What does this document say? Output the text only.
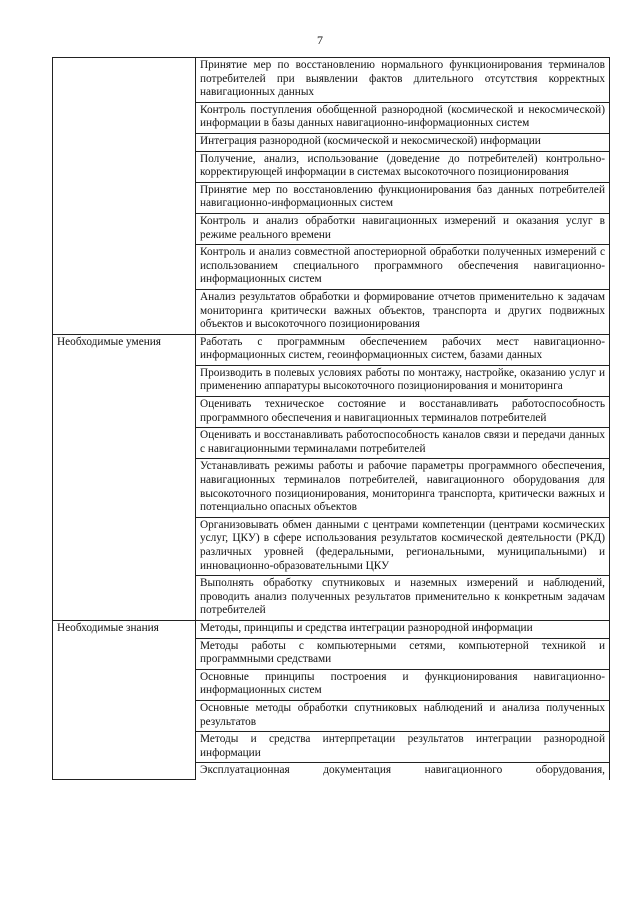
7
	Принятие мер по восстановлению нормального функционирования терминалов потребителей при выявлении фактов длительного отсутствия корректных навигационных данных
	Контроль поступления обобщенной разнородной (космической и некосмической) информации в базы данных навигационно-информационных систем
	Интеграция разнородной (космической и некосмической) информации
	Получение, анализ, использование (доведение до потребителей) контрольно-корректирующей информации в системах высокоточного позиционирования
	Принятие мер по восстановлению функционирования баз данных потребителей навигационно-информационных систем
	Контроль и анализ обработки навигационных измерений и оказания услуг в режиме реального времени
	Контроль и анализ совместной апостериорной обработки полученных измерений с использованием специального программного обеспечения навигационно-информационных систем
	Анализ результатов обработки и формирование отчетов применительно к задачам мониторинга критически важных объектов, транспорта и других подвижных объектов и высокоточного позиционирования
Необходимые умения	Работать с программным обеспечением рабочих мест навигационно-информационных систем, геоинформационных систем, базами данных
	Производить в полевых условиях работы по монтажу, настройке, оказанию услуг и применению аппаратуры высокоточного позиционирования и мониторинга
	Оценивать техническое состояние и восстанавливать работоспособность программного обеспечения и навигационных терминалов потребителей
	Оценивать и восстанавливать работоспособность каналов связи и передачи данных с навигационными терминалами потребителей
	Устанавливать режимы работы и рабочие параметры программного обеспечения, навигационных терминалов потребителей, навигационного оборудования для высокоточного позиционирования, мониторинга транспорта, критически важных и потенциально опасных объектов
	Организовывать обмен данными с центрами компетенции (центрами космических услуг, ЦКУ) в сфере использования результатов космической деятельности (РКД) различных уровней (федеральными, региональными, муниципальными) и инновационно-образовательными ЦКУ
	Выполнять обработку спутниковых и наземных измерений и наблюдений, проводить анализ полученных результатов применительно к конкретным задачам потребителей
Необходимые знания	Методы, принципы и средства интеграции разнородной информации
	Методы работы с компьютерными сетями, компьютерной техникой и программными средствами
	Основные принципы построения и функционирования навигационно-информационных систем
	Основные методы обработки спутниковых наблюдений и анализа полученных результатов
	Методы и средства интерпретации результатов интеграции разнородной информации
	Эксплуатационная документация навигационного оборудования,
